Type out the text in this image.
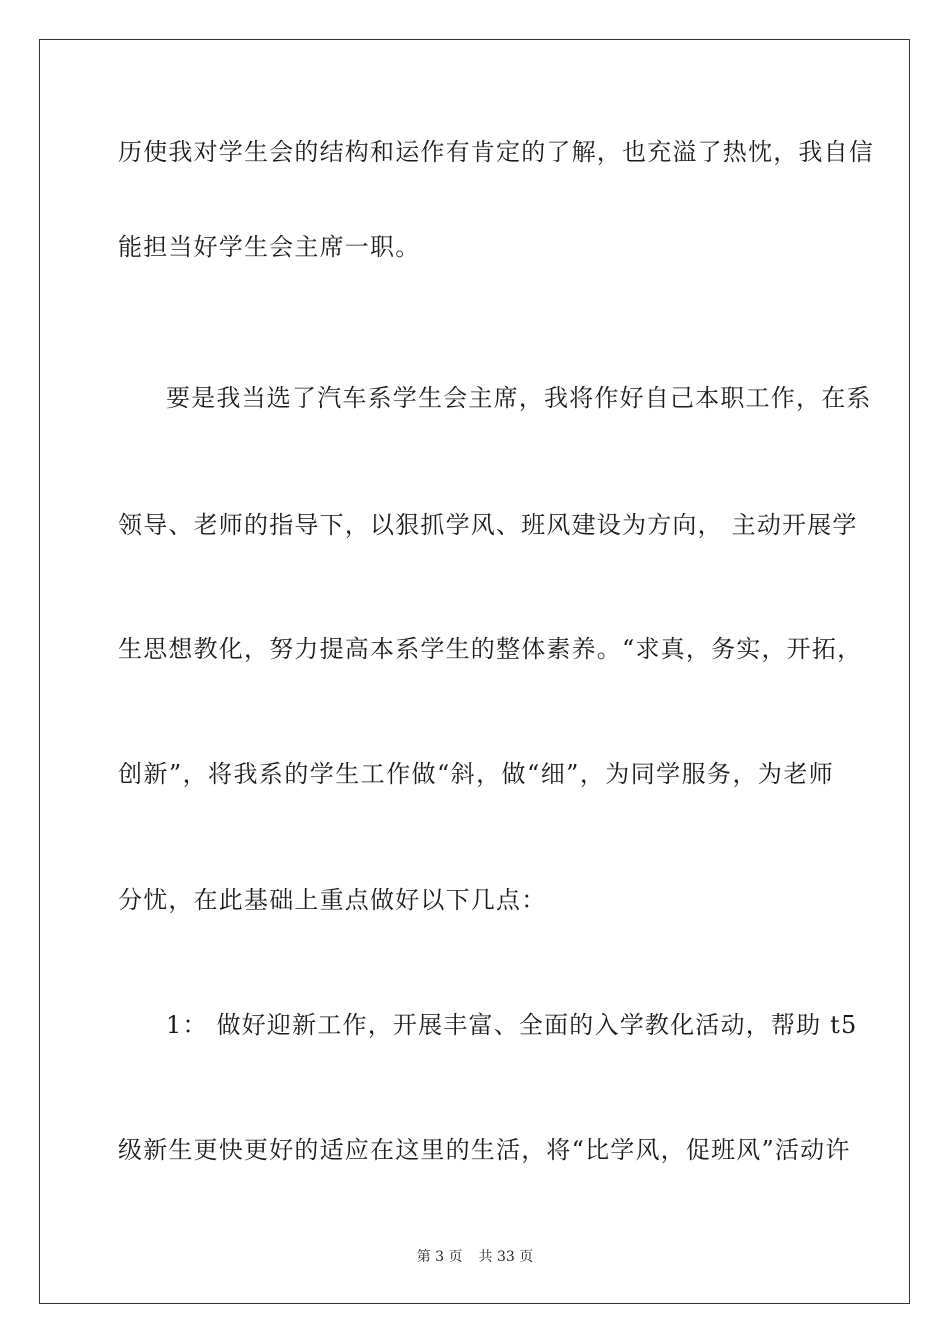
历使我对学生会的结构和运作有肯定的了解，也充溢了热忱，我自信
能担当好学生会主席一职。
要是我当选了汽车系学生会主席，我将作好自己本职工作，在系
领导、老师的指导下，以狠抓学风、班风建设为方向， 主动开展学
生思想教化，努力提高本系学生的整体素养。“求真，务实，开拓，
创新”，将我系的学生工作做“斜，做“细”，为同学服务，为老师
分忧，在此基础上重点做好以下几点：
1： 做好迎新工作，开展丰富、全面的入学教化活动，帮助 t5
级新生更快更好的适应在这里的生活，将“比学风，促班风”活动许
第 3 页 共 33 页
